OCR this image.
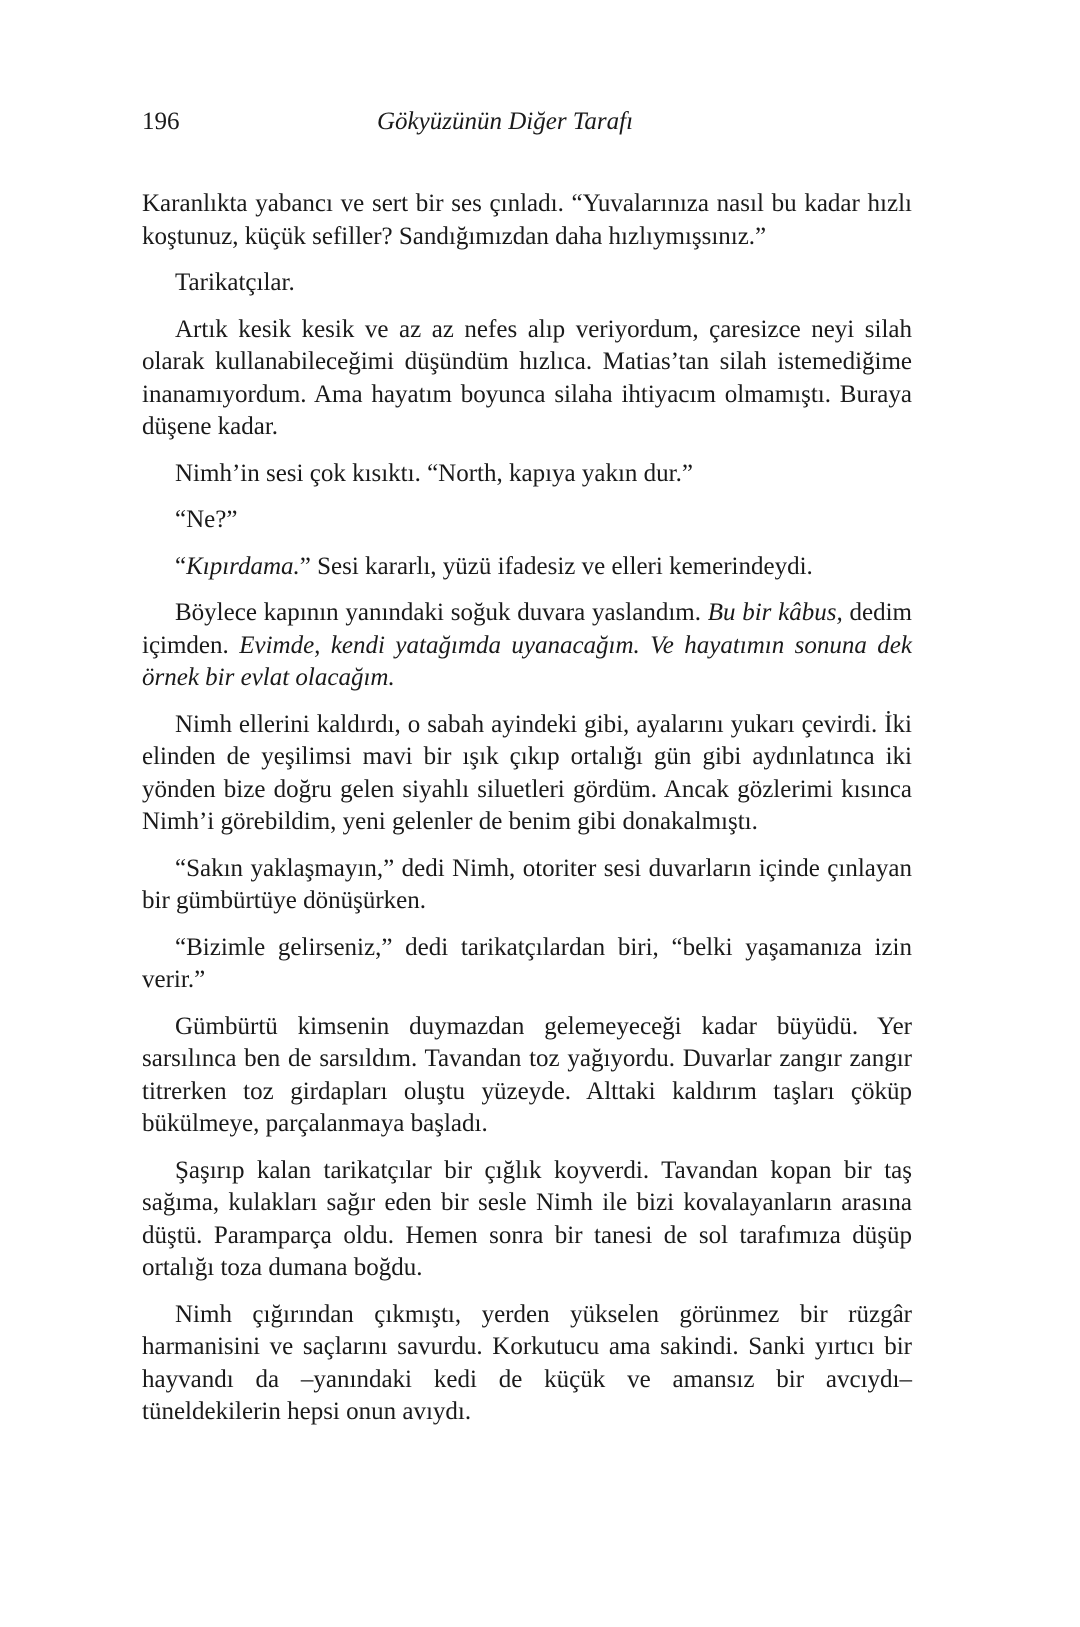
196	Gökyüzünün Diğer Tarafı

Karanlıkta yabancı ve sert bir ses çınladı. “Yuvalarınıza nasıl bu kadar hızlı koştunuz, küçük sefiller? Sandığımızdan daha hızlıymışsınız.”

Tarikatçılar.

Artık kesik kesik ve az az nefes alıp veriyordum, çaresizce neyi silah olarak kullanabileceğimi düşündüm hızlıca. Matias’tan silah istemediğime inanamıyordum. Ama hayatım boyunca silaha ihtiyacım olmamıştı. Buraya düşene kadar.

Nimh’in sesi çok kısıktı. “North, kapıya yakın dur.”

“Ne?”

“Kıpırdama.” Sesi kararlı, yüzü ifadesiz ve elleri kemerindeydi.

Böylece kapının yanındaki soğuk duvara yaslandım. Bu bir kâbus, dedim içimden. Evimde, kendi yatağımda uyanacağım. Ve hayatımın sonuna dek örnek bir evlat olacağım.

Nimh ellerini kaldırdı, o sabah ayindeki gibi, ayalarını yukarı çevirdi. İki elinden de yeşilimsi mavi bir ışık çıkıp ortalığı gün gibi aydınlatınca iki yönden bize doğru gelen siyahlı siluetleri gördüm. Ancak gözlerimi kısınca Nimh’i görebildim, yeni gelenler de benim gibi donakalmıştı.

“Sakın yaklaşmayın,” dedi Nimh, otoriter sesi duvarların içinde çınlayan bir gümbürtüye dönüşürken.

“Bizimle gelirseniz,” dedi tarikatçılardan biri, “belki yaşamanıza izin verir.”

Gümbürtü kimsenin duymazdan gelemeyeceği kadar büyüdü. Yer sarsılınca ben de sarsıldım. Tavandan toz yağıyordu. Duvarlar zangır zangır titrerken toz girdapları oluştu yüzeyde. Alttaki kaldırım taşları çöküp bükülmeye, parçalanmaya başladı.

Şaşırıp kalan tarikatçılar bir çığlık koyverdi. Tavandan kopan bir taş sağıma, kulakları sağır eden bir sesle Nimh ile bizi kovalayanların arasına düştü. Paramparça oldu. Hemen sonra bir tanesi de sol tarafımıza düşüp ortalığı toza dumana boğdu.

Nimh çığırından çıkmıştı, yerden yükselen görünmez bir rüzgâr harmanisini ve saçlarını savurdu. Korkutucu ama sakindi. Sanki yırtıcı bir hayvandı da –yanındaki kedi de küçük ve amansız bir avcıydı– tüneldekilerin hepsi onun avıydı.
